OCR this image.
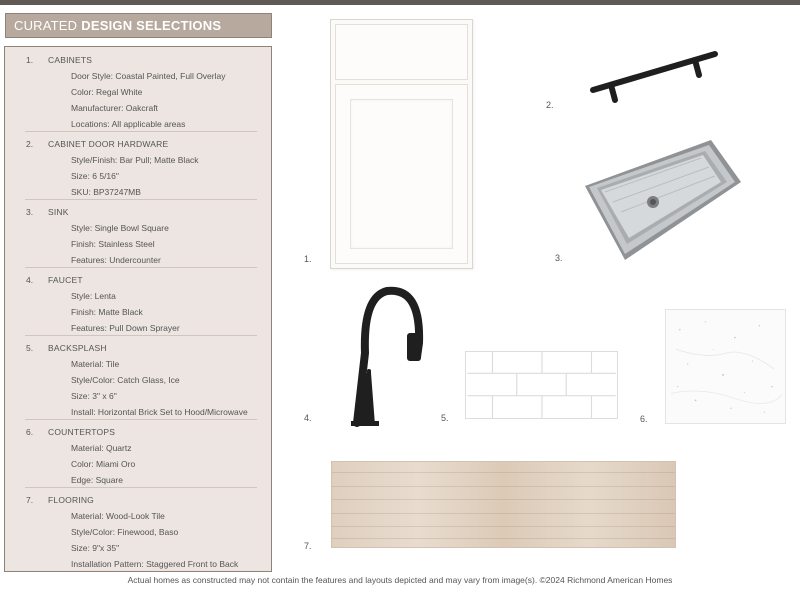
CURATED DESIGN SELECTIONS
1. CABINETS
Door Style: Coastal Painted, Full Overlay
Color: Regal White
Manufacturer: Oakcraft
Locations: All applicable areas
2. CABINET DOOR HARDWARE
Style/Finish: Bar Pull; Matte Black
Size: 6 5/16"
SKU: BP37247MB
3. SINK
Style: Single Bowl Square
Finish: Stainless Steel
Features: Undercounter
4. FAUCET
Style: Lenta
Finish: Matte Black
Features: Pull Down Sprayer
5. BACKSPLASH
Material: Tile
Style/Color: Catch Glass, Ice
Size: 3" x 6"
Install: Horizontal Brick Set to Hood/Microwave
6. COUNTERTOPS
Material: Quartz
Color: Miami Oro
Edge: Square
7. FLOORING
Material: Wood-Look Tile
Style/Color: Finewood, Baso
Size: 9"x 35"
Installation Pattern: Staggered Front to Back
1.
2.
3.
4.	5.	6.
7.
Actual homes as constructed may not contain the features and layouts depicted and may vary from image(s). ©2024 Richmond American Homes
